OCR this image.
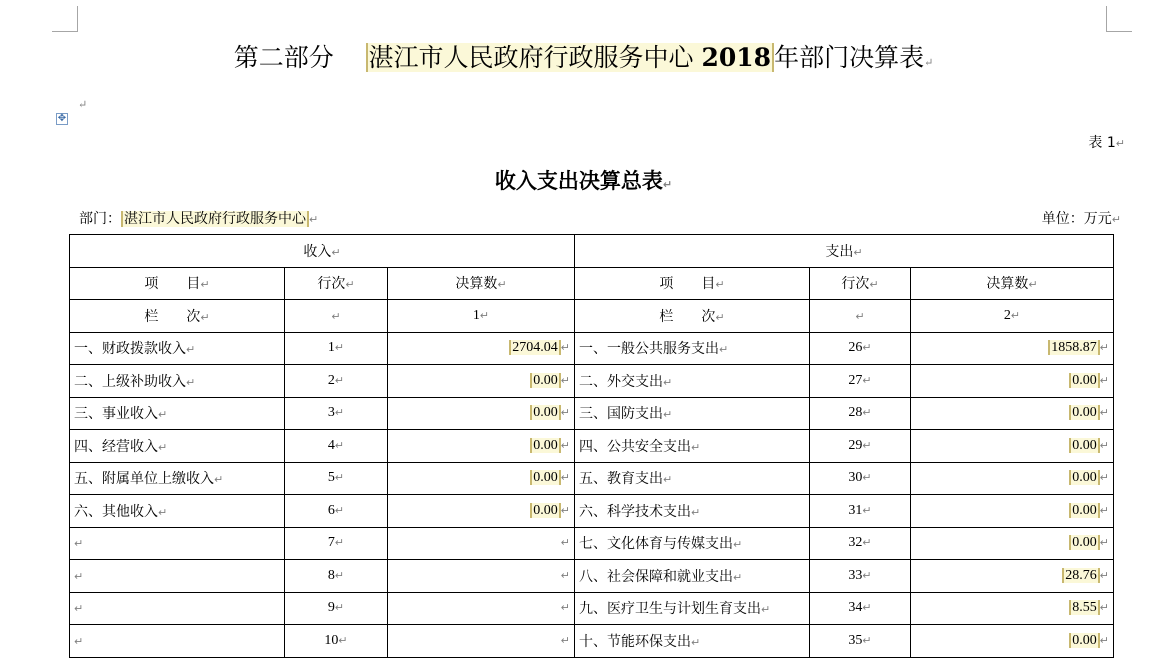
第二部分 湛江市人民政府行政服务中心 2018 年部门决算表↵
✥
↵
表 1↵
收入支出决算总表↵
部门： 湛江市人民政府行政服务中心 ↵	单位：万元↵
收入↵			支出↵		
项　　目↵	行次↵	决算数↵	项　　目↵	行次↵	决算数↵
栏　　次↵	↵	1↵	栏　　次↵	↵	2↵
一、财政拨款收入↵	1↵	2704.04 ↵	一、一般公共服务支出↵	26↵	1858.87 ↵
二、上级补助收入↵	2↵	0.00 ↵	二、外交支出↵	27↵	0.00 ↵
三、事业收入↵	3↵	0.00 ↵	三、国防支出↵	28↵	0.00 ↵
四、经营收入↵	4↵	0.00 ↵	四、公共安全支出↵	29↵	0.00 ↵
五、附属单位上缴收入↵	5↵	0.00 ↵	五、教育支出↵	30↵	0.00 ↵
六、其他收入↵	6↵	0.00 ↵	六、科学技术支出↵	31↵	0.00 ↵
↵	7↵	↵	七、文化体育与传媒支出↵	32↵	0.00 ↵
↵	8↵	↵	八、社会保障和就业支出↵	33↵	28.76 ↵
↵	9↵	↵	九、医疗卫生与计划生育支出↵	34↵	8.55 ↵
↵	10↵	↵	十、节能环保支出↵	35↵	0.00 ↵
